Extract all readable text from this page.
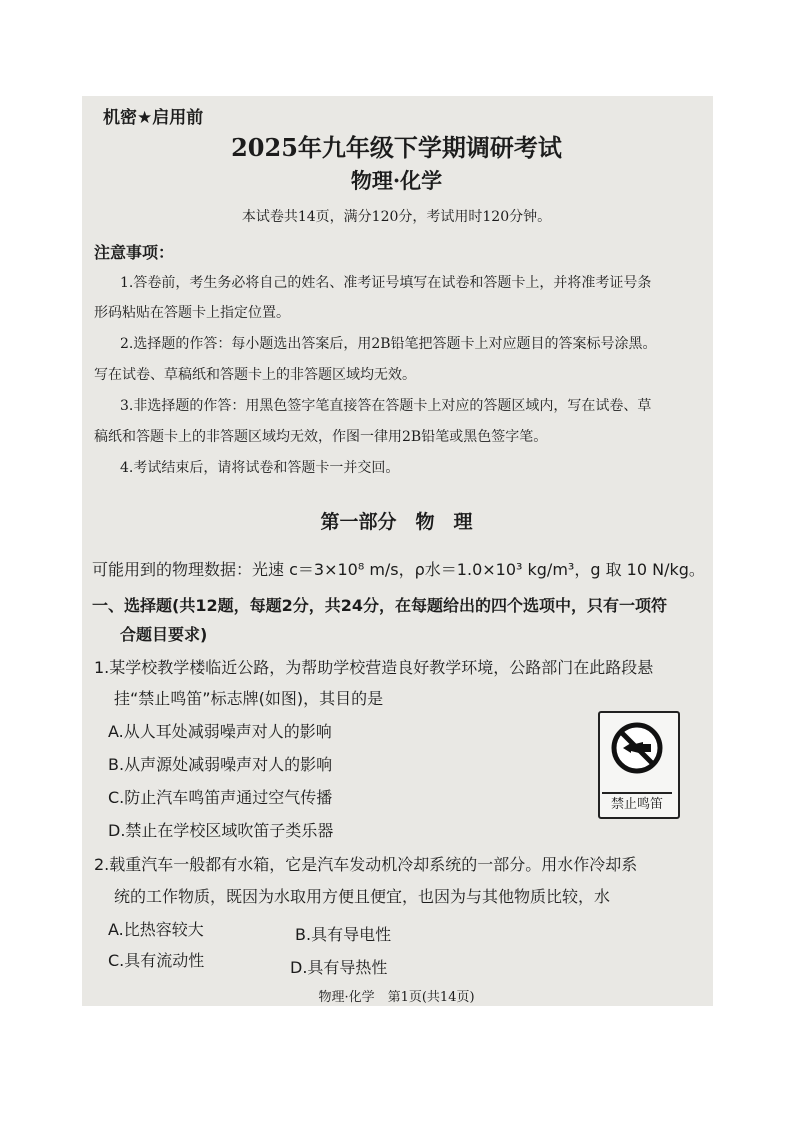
机密★启用前
2025年九年级下学期调研考试
物理·化学
本试卷共14页，满分120分，考试用时120分钟。
注意事项：
1.答卷前，考生务必将自己的姓名、准考证号填写在试卷和答题卡上，并将准考证号条
形码粘贴在答题卡上指定位置。
2.选择题的作答：每小题选出答案后，用2B铅笔把答题卡上对应题目的答案标号涂黑。
写在试卷、草稿纸和答题卡上的非答题区域均无效。
3.非选择题的作答：用黑色签字笔直接答在答题卡上对应的答题区域内，写在试卷、草
稿纸和答题卡上的非答题区域均无效，作图一律用2B铅笔或黑色签字笔。
4.考试结束后，请将试卷和答题卡一并交回。
第一部分　物　理
可能用到的物理数据：光速 c＝3×10⁸ m/s，ρ水＝1.0×10³ kg/m³，g 取 10 N/kg。
一、选择题(共12题，每题2分，共24分，在每题给出的四个选项中，只有一项符
合题目要求)
1.某学校教学楼临近公路，为帮助学校营造良好教学环境，公路部门在此路段悬
挂“禁止鸣笛”标志牌(如图)，其目的是
A.从人耳处减弱噪声对人的影响
B.从声源处减弱噪声对人的影响
C.防止汽车鸣笛声通过空气传播
D.禁止在学校区域吹笛子类乐器
禁止鸣笛
2.载重汽车一般都有水箱，它是汽车发动机冷却系统的一部分。用水作冷却系
统的工作物质，既因为水取用方便且便宜，也因为与其他物质比较，水
A.比热容较大	B.具有导电性
C.具有流动性	D.具有导热性
物理·化学　第1页(共14页)
